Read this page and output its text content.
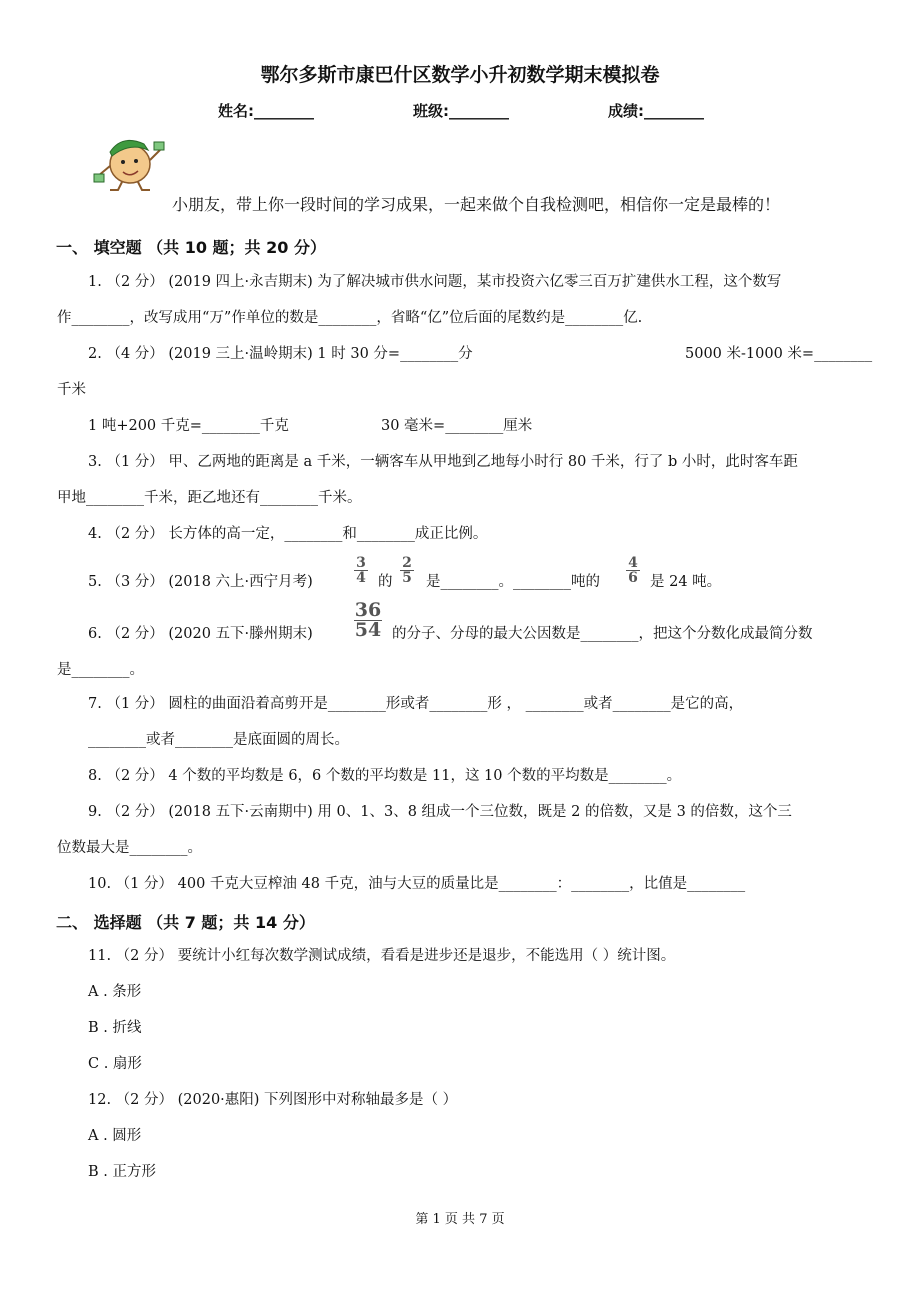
鄂尔多斯市康巴什区数学小升初数学期末模拟卷
姓名:________	班级:________	成绩:________
小朋友，带上你一段时间的学习成果，一起来做个自我检测吧，相信你一定是最棒的！
一、 填空题 （共 10 题；共 20 分）
1. （2 分） (2019 四上·永吉期末) 为了解决城市供水问题，某市投资六亿零三百万扩建供水工程，这个数写
作________，改写成用“万”作单位的数是________，省略“亿”位后面的尾数约是________亿.
2. （4 分） (2019 三上·温岭期末) 1 时 30 分=________分	5000 米-1000 米=________
千米
1 吨+200 千克=________千克	30 毫米=________厘米
3. （1 分） 甲、乙两地的距离是 a 千米，一辆客车从甲地到乙地每小时行 80 千米，行了 b 小时，此时客车距
甲地________千米，距乙地还有________千米。
4. （2 分） 长方体的高一定，________和________成正比例。
5. （3 分） (2018 六上·西宁月考)	$\frac{3}{4}$ 的 $\frac{2}{5}$ 是________。________吨的 $\frac{4}{6}$ 是 24 吨。
6. （2 分） (2020 五下·滕州期末) $\frac{36}{54}$ 的分子、分母的最大公因数是________，把这个分数化成最简分数
是________。
7. （1 分） 圆柱的曲面沿着高剪开是________形或者________形 ， ________或者________是它的高，
________或者________是底面圆的周长。
8. （2 分） 4 个数的平均数是 6，6 个数的平均数是 11，这 10 个数的平均数是________。
9. （2 分） (2018 五下·云南期中) 用 0、1、3、8 组成一个三位数，既是 2 的倍数，又是 3 的倍数，这个三
位数最大是________。
10. （1 分） 400 千克大豆榨油 48 千克，油与大豆的质量比是________：________，比值是________
二、 选择题 （共 7 题；共 14 分）
11. （2 分） 要统计小红每次数学测试成绩，看看是进步还是退步，不能选用（ ）统计图。
A . 条形
B . 折线
C . 扇形
12. （2 分） (2020·惠阳) 下列图形中对称轴最多是（ ）
A . 圆形
B . 正方形
第 1 页 共 7 页
